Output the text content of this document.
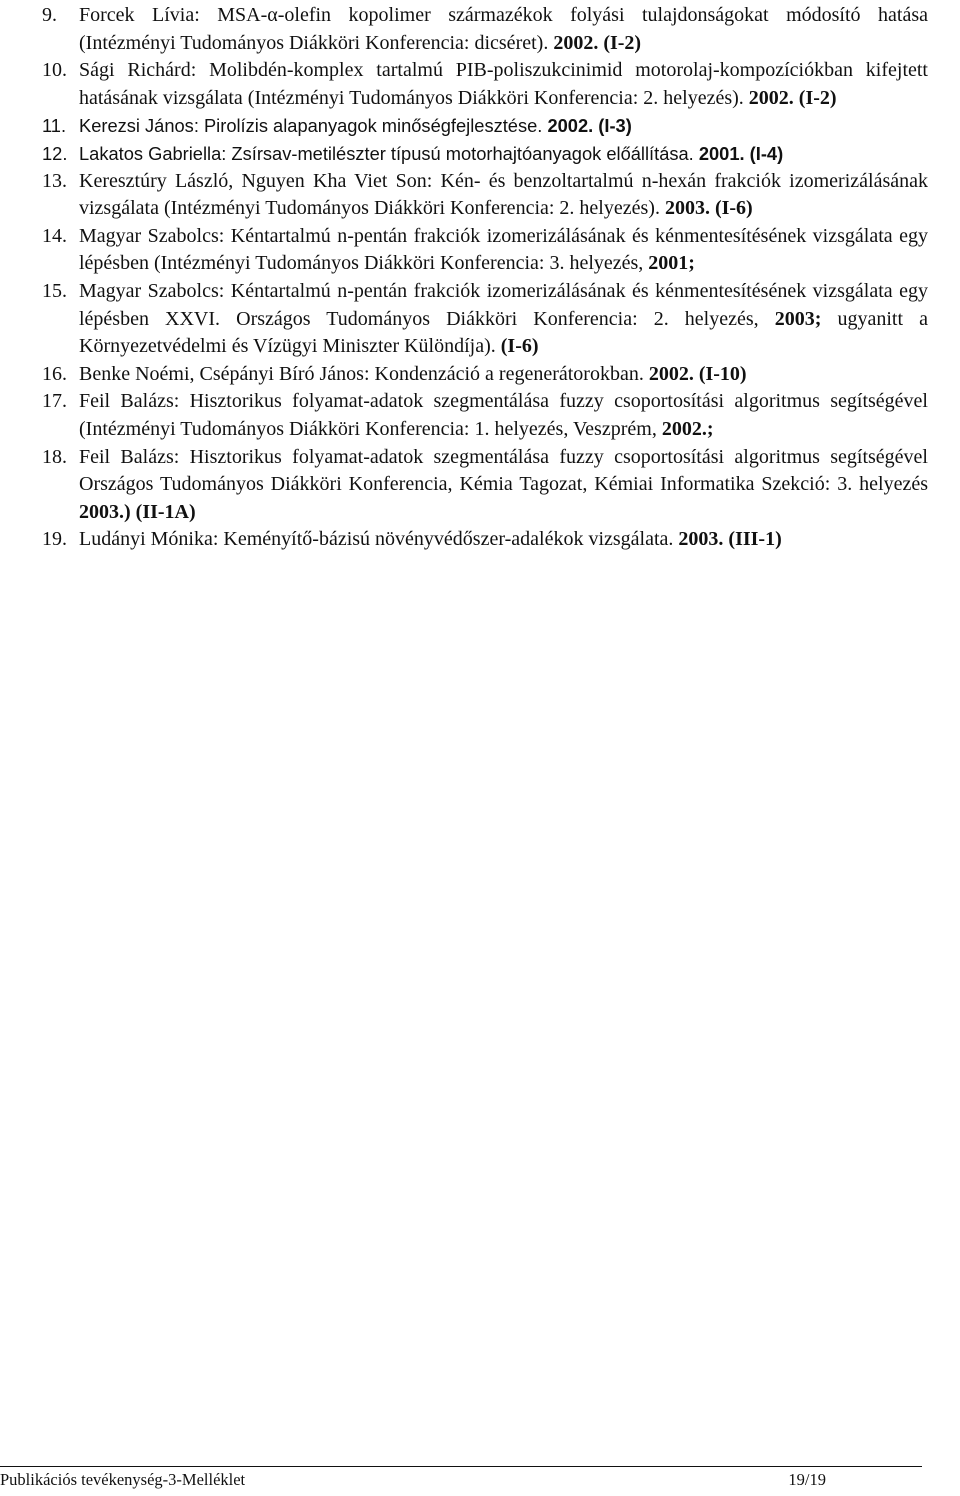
9. Forcek Lívia: MSA-α-olefin kopolimer származékok folyási tulajdonságokat módosító hatása (Intézményi Tudományos Diákköri Konferencia: dicséret). 2002. (I-2)
10. Sági Richárd: Molibdén-komplex tartalmú PIB-poliszukcinimid motorolaj-kompozíciókban kifejtett hatásának vizsgálata (Intézményi Tudományos Diákköri Konferencia: 2. helyezés). 2002. (I-2)
11. Kerezsi János: Pirolízis alapanyagok minőségfejlesztése. 2002. (I-3)
12. Lakatos Gabriella: Zsírsav-metilészter típusú motorhajtóanyagok előállítása. 2001. (I-4)
13. Keresztúry László, Nguyen Kha Viet Son: Kén- és benzoltartalmú n-hexán frakciók izomerizálásának vizsgálata (Intézményi Tudományos Diákköri Konferencia: 2. helyezés). 2003. (I-6)
14. Magyar Szabolcs: Kéntartalmú n-pentán frakciók izomerizálásának és kénmentesítésének vizsgálata egy lépésben (Intézményi Tudományos Diákköri Konferencia: 3. helyezés, 2001;
15. Magyar Szabolcs: Kéntartalmú n-pentán frakciók izomerizálásának és kénmentesítésének vizsgálata egy lépésben XXVI. Országos Tudományos Diákköri Konferencia: 2. helyezés, 2003; ugyanitt a Környezetvédelmi és Vízügyi Miniszter Különdíja). (I-6)
16. Benke Noémi, Csépányi Bíró János: Kondenzáció a regenerátorokban. 2002. (I-10)
17. Feil Balázs: Hisztorikus folyamat-adatok szegmentálása fuzzy csoportosítási algoritmus segítségével (Intézményi Tudományos Diákköri Konferencia: 1. helyezés, Veszprém, 2002.;
18. Feil Balázs: Hisztorikus folyamat-adatok szegmentálása fuzzy csoportosítási algoritmus segítségével Országos Tudományos Diákköri Konferencia, Kémia Tagozat, Kémiai Informatika Szekció: 3. helyezés 2003.) (II-1A)
19. Ludányi Mónika: Keményítő-bázisú növényvédőszer-adalékok vizsgálata. 2003. (III-1)
Publikációs tevékenység-3-Melléklet	19/19
